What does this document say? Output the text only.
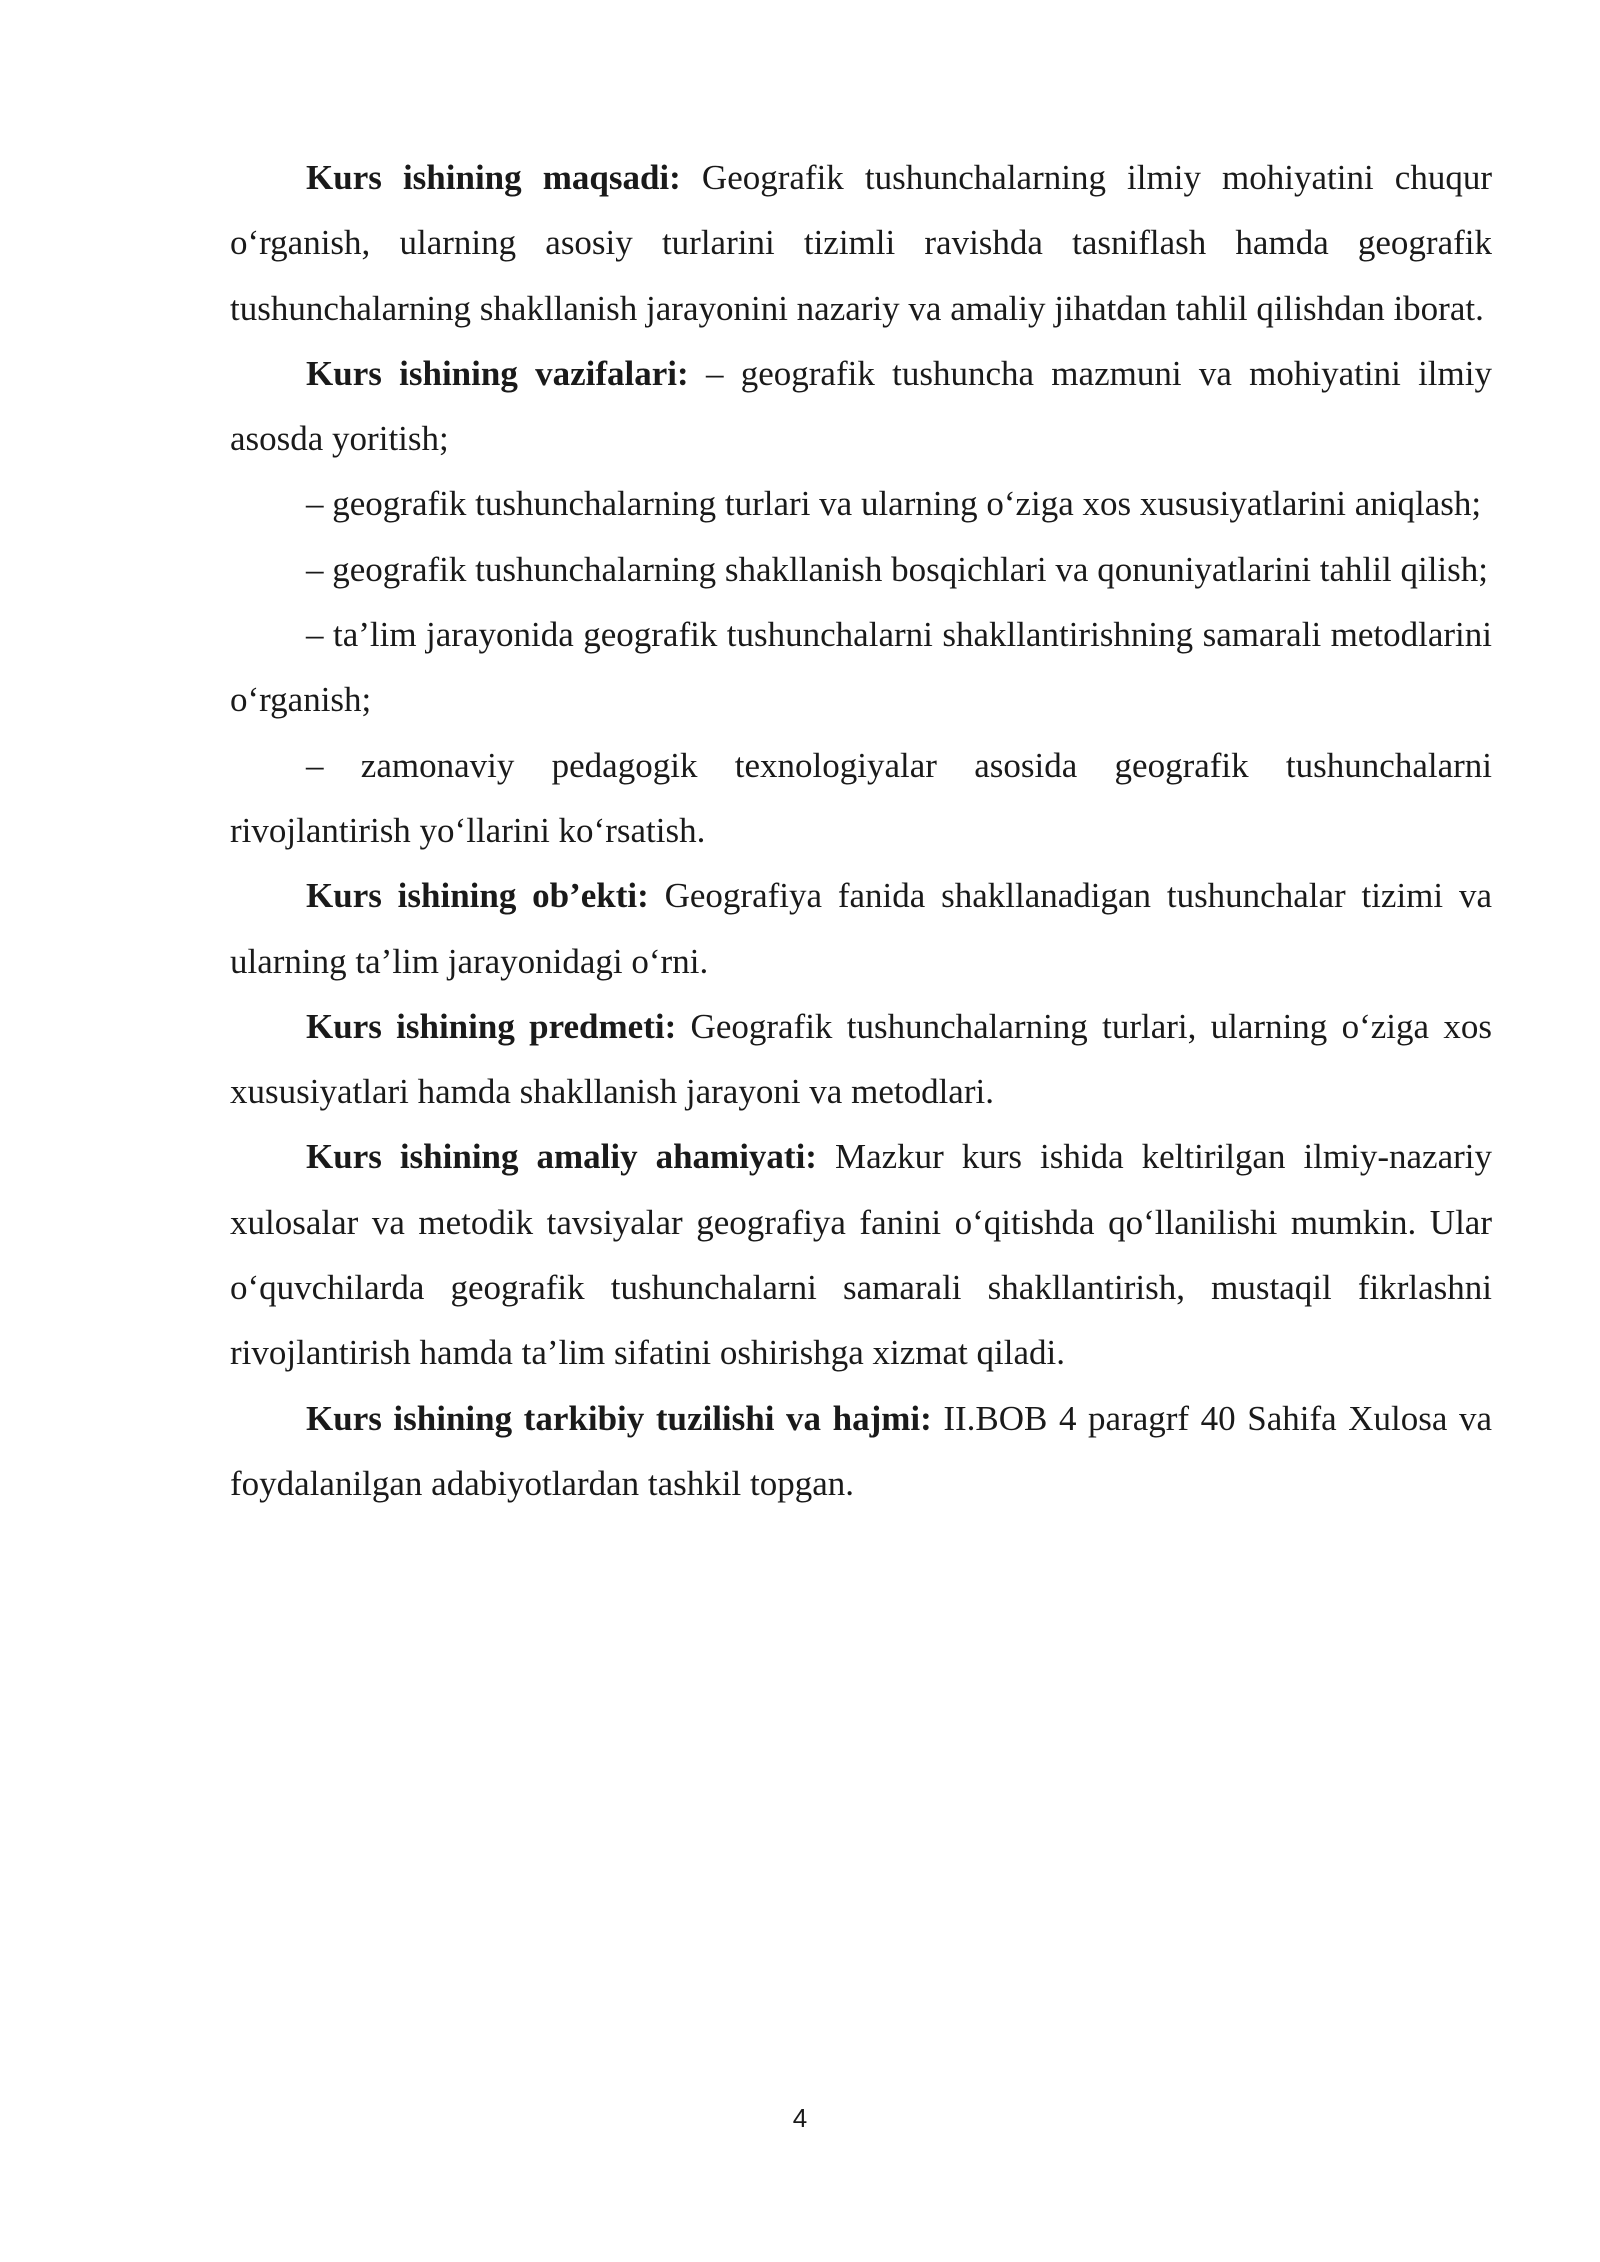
Kurs ishining maqsadi: Geografik tushunchalarning ilmiy mohiyatini chuqur o‘rganish, ularning asosiy turlarini tizimli ravishda tasniflash hamda geografik tushunchalarning shakllanish jarayonini nazariy va amaliy jihatdan tahlil qilishdan iborat.

Kurs ishining vazifalari: – geografik tushuncha mazmuni va mohiyatini ilmiy asosda yoritish;

– geografik tushunchalarning turlari va ularning o‘ziga xos xususiyatlarini aniqlash;

– geografik tushunchalarning shakllanish bosqichlari va qonuniyatlarini tahlil qilish;

– ta’lim jarayonida geografik tushunchalarni shakllantirishning samarali metodlarini o‘rganish;

– zamonaviy pedagogik texnologiyalar asosida geografik tushunchalarni rivojlantirish yo‘llarini ko‘rsatish.

Kurs ishining ob’ekti: Geografiya fanida shakllanadigan tushunchalar tizimi va ularning ta’lim jarayonidagi o‘rni.

Kurs ishining predmeti: Geografik tushunchalarning turlari, ularning o‘ziga xos xususiyatlari hamda shakllanish jarayoni va metodlari.

Kurs ishining amaliy ahamiyati: Mazkur kurs ishida keltirilgan ilmiy-nazariy xulosalar va metodik tavsiyalar geografiya fanini o‘qitishda qo‘llanilishi mumkin. Ular o‘quvchilarda geografik tushunchalarni samarali shakllantirish, mustaqil fikrlashni rivojlantirish hamda ta’lim sifatini oshirishga xizmat qiladi.

Kurs ishining tarkibiy tuzilishi va hajmi: II.BOB 4 paragrf 40 Sahifa Xulosa va foydalanilgan adabiyotlardan tashkil topgan.

4
